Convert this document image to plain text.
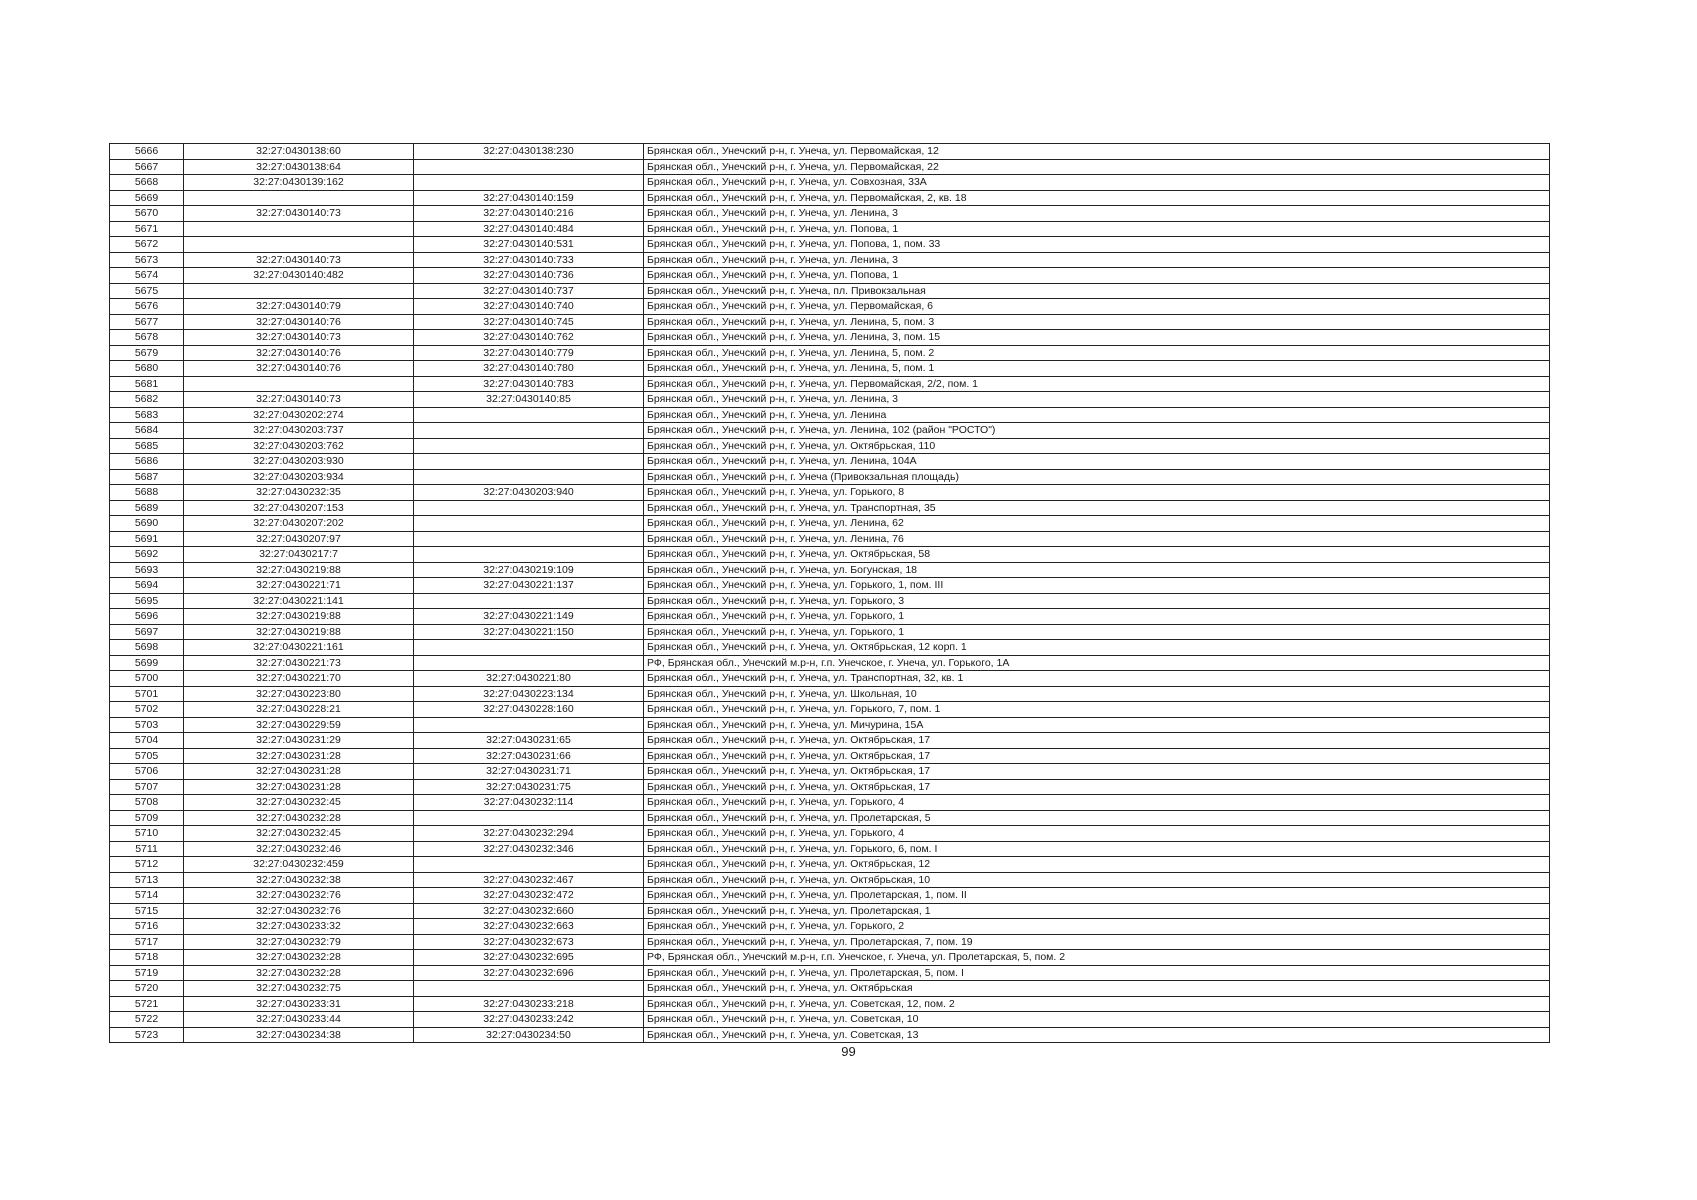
5666	32:27:0430138:60	32:27:0430138:230	Брянская обл., Унечский р-н, г. Унеча, ул. Первомайская, 12
5667	32:27:0430138:64		Брянская обл., Унечский р-н, г. Унеча, ул. Первомайская, 22
5668	32:27:0430139:162		Брянская обл., Унечский р-н, г. Унеча, ул. Совхозная, 33А
5669		32:27:0430140:159	Брянская обл., Унечский р-н, г. Унеча, ул. Первомайская, 2, кв. 18
5670	32:27:0430140:73	32:27:0430140:216	Брянская обл., Унечский р-н, г. Унеча, ул. Ленина, 3
5671		32:27:0430140:484	Брянская обл., Унечский р-н, г. Унеча, ул. Попова, 1
5672		32:27:0430140:531	Брянская обл., Унечский р-н, г. Унеча, ул. Попова, 1, пом. 33
5673	32:27:0430140:73	32:27:0430140:733	Брянская обл., Унечский р-н, г. Унеча, ул. Ленина, 3
5674	32:27:0430140:482	32:27:0430140:736	Брянская обл., Унечский р-н, г. Унеча, ул. Попова, 1
5675		32:27:0430140:737	Брянская обл., Унечский р-н, г. Унеча, пл. Привокзальная
5676	32:27:0430140:79	32:27:0430140:740	Брянская обл., Унечский р-н, г. Унеча, ул. Первомайская, 6
5677	32:27:0430140:76	32:27:0430140:745	Брянская обл., Унечский р-н, г. Унеча, ул. Ленина, 5, пом. 3
5678	32:27:0430140:73	32:27:0430140:762	Брянская обл., Унечский р-н, г. Унеча, ул. Ленина, 3, пом. 15
5679	32:27:0430140:76	32:27:0430140:779	Брянская обл., Унечский р-н, г. Унеча, ул. Ленина, 5, пом. 2
5680	32:27:0430140:76	32:27:0430140:780	Брянская обл., Унечский р-н, г. Унеча, ул. Ленина, 5, пом. 1
5681		32:27:0430140:783	Брянская обл., Унечский р-н, г. Унеча, ул. Первомайская, 2/2, пом. 1
5682	32:27:0430140:73	32:27:0430140:85	Брянская обл., Унечский р-н, г. Унеча, ул. Ленина, 3
5683	32:27:0430202:274		Брянская обл., Унечский р-н, г. Унеча, ул. Ленина
5684	32:27:0430203:737		Брянская обл., Унечский р-н, г. Унеча, ул. Ленина, 102 (район "РОСТО")
5685	32:27:0430203:762		Брянская обл., Унечский р-н, г. Унеча, ул. Октябрьская, 110
5686	32:27:0430203:930		Брянская обл., Унечский р-н, г. Унеча, ул. Ленина, 104А
5687	32:27:0430203:934		Брянская обл., Унечский р-н, г. Унеча (Привокзальная площадь)
5688	32:27:0430232:35	32:27:0430203:940	Брянская обл., Унечский р-н, г. Унеча, ул. Горького, 8
5689	32:27:0430207:153		Брянская обл., Унечский р-н, г. Унеча, ул. Транспортная, 35
5690	32:27:0430207:202		Брянская обл., Унечский р-н, г. Унеча, ул. Ленина, 62
5691	32:27:0430207:97		Брянская обл., Унечский р-н, г. Унеча, ул. Ленина, 76
5692	32:27:0430217:7		Брянская обл., Унечский р-н, г. Унеча, ул. Октябрьская, 58
5693	32:27:0430219:88	32:27:0430219:109	Брянская обл., Унечский р-н, г. Унеча, ул. Богунская, 18
5694	32:27:0430221:71	32:27:0430221:137	Брянская обл., Унечский р-н, г. Унеча, ул. Горького, 1, пом. III
5695	32:27:0430221:141		Брянская обл., Унечский р-н, г. Унеча, ул. Горького, 3
5696	32:27:0430219:88	32:27:0430221:149	Брянская обл., Унечский р-н, г. Унеча, ул. Горького, 1
5697	32:27:0430219:88	32:27:0430221:150	Брянская обл., Унечский р-н, г. Унеча, ул. Горького, 1
5698	32:27:0430221:161		Брянская обл., Унечский р-н, г. Унеча, ул. Октябрьская, 12 корп. 1
5699	32:27:0430221:73		РФ, Брянская обл., Унечский м.р-н, г.п. Унечское, г. Унеча, ул. Горького, 1А
5700	32:27:0430221:70	32:27:0430221:80	Брянская обл., Унечский р-н, г. Унеча, ул. Транспортная, 32, кв. 1
5701	32:27:0430223:80	32:27:0430223:134	Брянская обл., Унечский р-н, г. Унеча, ул. Школьная, 10
5702	32:27:0430228:21	32:27:0430228:160	Брянская обл., Унечский р-н, г. Унеча, ул. Горького, 7, пом. 1
5703	32:27:0430229:59		Брянская обл., Унечский р-н, г. Унеча, ул. Мичурина, 15А
5704	32:27:0430231:29	32:27:0430231:65	Брянская обл., Унечский р-н, г. Унеча, ул. Октябрьская, 17
5705	32:27:0430231:28	32:27:0430231:66	Брянская обл., Унечский р-н, г. Унеча, ул. Октябрьская, 17
5706	32:27:0430231:28	32:27:0430231:71	Брянская обл., Унечский р-н, г. Унеча, ул. Октябрьская, 17
5707	32:27:0430231:28	32:27:0430231:75	Брянская обл., Унечский р-н, г. Унеча, ул. Октябрьская, 17
5708	32:27:0430232:45	32:27:0430232:114	Брянская обл., Унечский р-н, г. Унеча, ул. Горького, 4
5709	32:27:0430232:28		Брянская обл., Унечский р-н, г. Унеча, ул. Пролетарская, 5
5710	32:27:0430232:45	32:27:0430232:294	Брянская обл., Унечский р-н, г. Унеча, ул. Горького, 4
5711	32:27:0430232:46	32:27:0430232:346	Брянская обл., Унечский р-н, г. Унеча, ул. Горького, 6, пом. I
5712	32:27:0430232:459		Брянская обл., Унечский р-н, г. Унеча, ул. Октябрьская, 12
5713	32:27:0430232:38	32:27:0430232:467	Брянская обл., Унечский р-н, г. Унеча, ул. Октябрьская, 10
5714	32:27:0430232:76	32:27:0430232:472	Брянская обл., Унечский р-н, г. Унеча, ул. Пролетарская, 1, пом. II
5715	32:27:0430232:76	32:27:0430232:660	Брянская обл., Унечский р-н, г. Унеча, ул. Пролетарская, 1
5716	32:27:0430233:32	32:27:0430232:663	Брянская обл., Унечский р-н, г. Унеча, ул. Горького, 2
5717	32:27:0430232:79	32:27:0430232:673	Брянская обл., Унечский р-н, г. Унеча, ул. Пролетарская, 7, пом. 19
5718	32:27:0430232:28	32:27:0430232:695	РФ, Брянская обл., Унечский м.р-н, г.п. Унечское, г. Унеча, ул. Пролетарская, 5, пом. 2
5719	32:27:0430232:28	32:27:0430232:696	Брянская обл., Унечский р-н, г. Унеча, ул. Пролетарская, 5, пом. I
5720	32:27:0430232:75		Брянская обл., Унечский р-н, г. Унеча, ул. Октябрьская
5721	32:27:0430233:31	32:27:0430233:218	Брянская обл., Унечский р-н, г. Унеча, ул. Советская, 12, пом. 2
5722	32:27:0430233:44	32:27:0430233:242	Брянская обл., Унечский р-н, г. Унеча, ул. Советская, 10
5723	32:27:0430234:38	32:27:0430234:50	Брянская обл., Унечский р-н, г. Унеча, ул. Советская, 13
99
